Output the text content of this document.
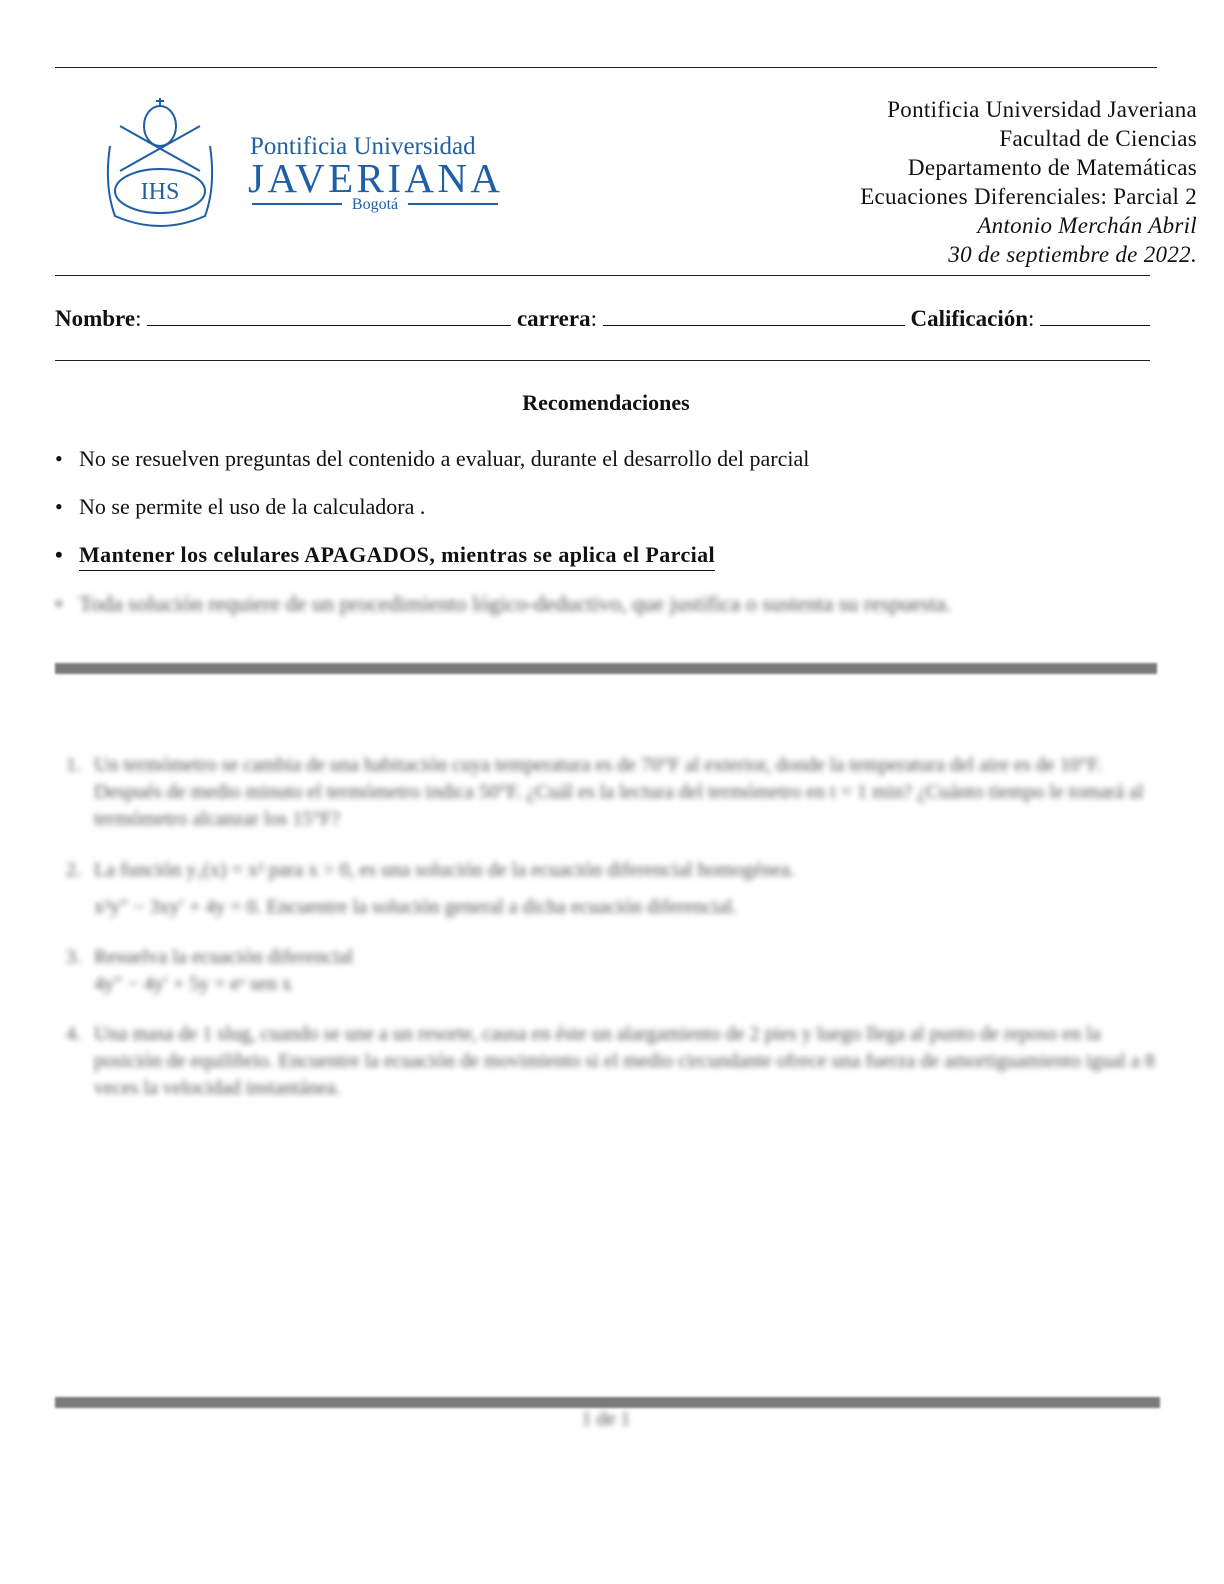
IHS
Pontificia Universidad
JAVERIANA
Bogotá
Pontificia Universidad Javeriana
Facultad de Ciencias
Departamento de Matemáticas
Ecuaciones Diferenciales: Parcial 2
Antonio Merchán Abril
30 de septiembre de 2022.
Nombre:	carrera:	Calificación:
Recomendaciones
• No se resuelven preguntas del contenido a evaluar, durante el desarrollo del parcial
• No se permite el uso de la calculadora .
• Mantener los celulares APAGADOS, mientras se aplica el Parcial
• Toda solución requiere de un procedimiento lógico-deductivo, que justifica o sustenta su respuesta.
1. Un termómetro se cambia de una habitación cuya temperatura es de 70°F al exterior, donde la temperatura del aire es de 10°F. Después de medio minuto el termómetro indica 50°F. ¿Cuál es la lectura del termómetro en t = 1 min? ¿Cuánto tiempo le tomará al termómetro alcanzar los 15°F?
2. La función y₁(x) = x² para x > 0, es una solución de la ecuación diferencial homogénea.
x²y″ − 3xy′ + 4y = 0. Encuentre la solución general a dicha ecuación diferencial.
3. Resuelva la ecuación diferencial
4y″ − 4y′ + 5y = eˣ sen x
4. Una masa de 1 slug, cuando se une a un resorte, causa en éste un alargamiento de 2 pies y luego llega al punto de reposo en la posición de equilibrio. Encuentre la ecuación de movimiento si el medio circundante ofrece una fuerza de amortiguamiento igual a 8 veces la velocidad instantánea.
1 de 1
